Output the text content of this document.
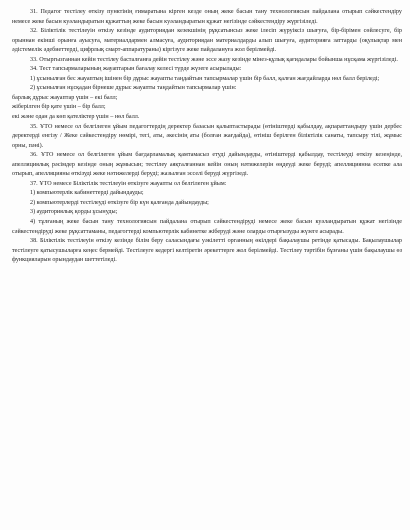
31. Педагог тестілеу өткізу пунктінің ғимаратына кірген кезде оның жеке басын тану технологиясын пайдалана отырып сәйкестендіру немесе жеке басын куәландыратын құжаттың жеке басын куәландыратын құжат негізінде сәйкестендіру жүргізіледі.

32. Біліктілік тестілеуін өткізу кезінде аудиториядан кезекшінің рұқсатынсыз жеке ілесіп жүруіксіз шығуға, бір-бірімен сөйлесуге, бір орыннан екінші орынға ауысуға, материалдармен алмасуға, аудиториядан материалдарды алып шығуға, аудиторияға заттарды (оқулықтар мен әдістемелік әдебиеттерді, цифрлық смарт-аппаратураны) кіргізуге жеке пайдалануға жол берілмейді.

33. Отыргызганнан кейін тестілеу басталғанға дейін тестілеу және эссе жазу кезінде мінез-құлық қағидалары бойынша нұсқама жүргізіледі.

34. Тест тапсырмаларының жауаптарын бағалау келесі түрде жүзеге асырылады:

1) ұсынылған бес жауаптың ішінен бір дұрыс жауапты таңдайтын тапсырмалар үшін бір балл, қалған жағдайларда нөл балл беріледі;

2) ұсынылған нұсқадан бірнеше дұрыс жауапты таңдайтын тапсырмалар үшін:

барлық дұрыс жауаптар үшін – екі балл;

жіберілген бір қате үшін – бір балл;

екі және одан да көп қателіктер үшін – нөл балл.

35. ҰТО немесе ол белгілеген ұйым педагогтердің деректер базасын қалыптастырады (өтініштерді қабылдау, ақпараттандыру үшін дербес деректерді енгізу / Жеке сәйкестендіру нөмірі, тегі, аты, әкесінің аты (болған жағдайда), өтініш берілген біліктілік санаты, тапсыру тілі, жұмыс орны, пәні).

36. ҰТО немесе ол белгілеген ұйым бағдарламалық қамтамасыз етуді дайындауды, өтініштерді қабылдау, тестілеуді өткізу кезеңінде, апелляциялық рәсімдер кезінде оның жұмысын; тестілеу аяқталғаннан кейін оның нәтижелерін өңдеуді жеке беруді; апелляциянна есепке ала отырып, апелляцияны өткізуді жеке нәтижелерді беруді; жазылған эсселі беруді жүргізеді.

37. ҰТО немесе Біліктілік тестілеуін өткізуге жауапты ол белгілеген ұйым:

1) компьютерлік кабинеттерді дайындауды;

2) компьютерлерді тестілеуді өткізуге бір күн қалғанда дайындауды;

3) аудиториялық қорды ұсынуды;

4) тұлғаның жеке басын тану технологиясын пайдалана отырып сәйкестендіруді немесе жеке басын куәландыратын құжат негізінде сәйкестендіруді жеке рұқсаттаманы, педагогтерді компьютерлік кабинетке жіберуді және оларды отырғызуды жүзеге асырады.

38. Біліктілік тестілеуін өткізу кезінде білім беру саласындағы уәкілетті органның өкілдері бақылаушы ретінде қатысады. Бақылаушылар тестілеуге қатысушыларға кеңес бермейді. Тестілеуге кедергі келтіретін әрекеттерге жол берілмейді. Тестілеу тәртібін бұзғаны үшін бақылаушы өз функцияларын орындаудан шеттетіледі.
